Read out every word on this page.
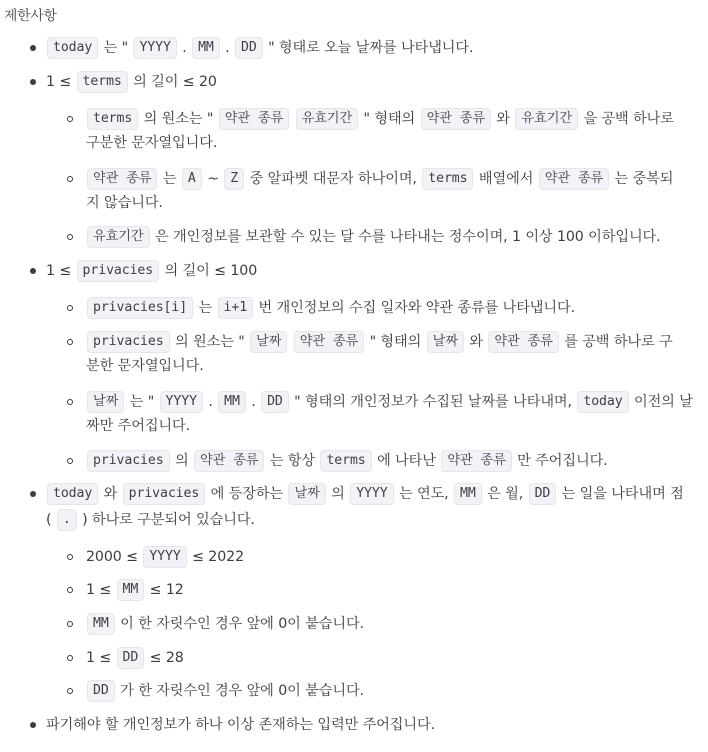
제한사항
today 는 " YYYY . MM . DD " 형태로 오늘 날짜를 나타냅니다.
1 ≤ terms 의 길이 ≤ 20
terms 의 원소는 " 약관 종류 유효기간 " 형태의 약관 종류 와 유효기간 을 공백 하나로
구분한 문자열입니다.
약관 종류 는 A ~ Z 중 알파벳 대문자 하나이며, terms 배열에서 약관 종류 는 중복되
지 않습니다.
유효기간 은 개인정보를 보관할 수 있는 달 수를 나타내는 정수이며, 1 이상 100 이하입니다.
1 ≤ privacies 의 길이 ≤ 100
privacies[i] 는 i+1 번 개인정보의 수집 일자와 약관 종류를 나타냅니다.
privacies 의 원소는 " 날짜 약관 종류 " 형태의 날짜 와 약관 종류 를 공백 하나로 구
분한 문자열입니다.
날짜 는 " YYYY . MM . DD " 형태의 개인정보가 수집된 날짜를 나타내며, today 이전의 날
짜만 주어집니다.
privacies 의 약관 종류 는 항상 terms 에 나타난 약관 종류 만 주어집니다.
today 와 privacies 에 등장하는 날짜 의 YYYY 는 연도, MM 은 월, DD 는 일을 나타내며 점
( . ) 하나로 구분되어 있습니다.
2000 ≤ YYYY ≤ 2022
1 ≤ MM ≤ 12
MM 이 한 자릿수인 경우 앞에 0이 붙습니다.
1 ≤ DD ≤ 28
DD 가 한 자릿수인 경우 앞에 0이 붙습니다.
파기해야 할 개인정보가 하나 이상 존재하는 입력만 주어집니다.
